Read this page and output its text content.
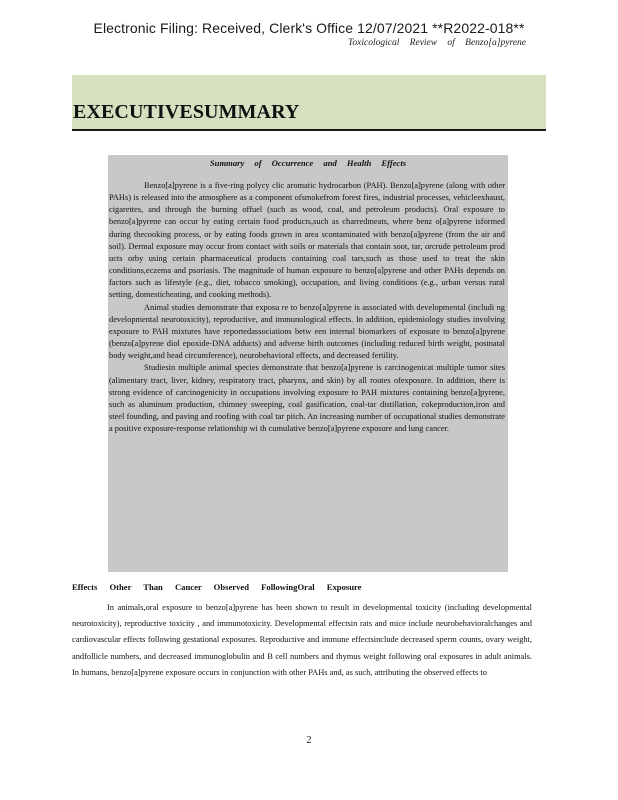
Electronic Filing: Received, Clerk's Office 12/07/2021 **R2022-018**
Toxicological Review of Benzo[a]pyrene
EXECUTIVESUMMARY
Summary of Occurrence and Health Effects

Benzo[a]pyrene is a five-ring polycy clic aromatic hydrocarbon (PAH). Benzo[a]pyrene (along with other PAHs) is released into the atmosphere as a component ofsmokefrom forest fires, industrial processes, vehicleexhaust, cigarettes, and through the burning offuel (such as wood, coal, and petroleum products). Oral exposure to benzo[a]pyrene can occur by eating certain food products,such as charredmeats, where benz o[a]pyrene isformed during thecooking process, or by eating foods grown in area scontaminated with benzo[a]pyrene (from the air and soil). Dermal exposure may occur from contact with soils or materials that contain soot, tar, orcrude petroleum prod ucts orby using certain pharmaceutical products containing coal tars,such as those used to treat the skin conditions,eczema and psoriasis. The magnitude of human exposure to benzo[a]pyrene and other PAHs depends on factors such as lifestyle (e.g., diet, tobacco smoking), occupation, and living conditions (e.g., urban versus rural setting, domesticheating, and cooking methods).

Animal studies demonstrate that exposu re to benzo[a]pyrene is associated with developmental (includi ng developmental neurotoxicity), reproductive, and immunological effects. In addition, epidemiology studies involving exposure to PAH mixtures have reportedassociations betw een internal biomarkers of exposure to benzo[a]pyrene (benzo[a]pyrene diol epoxide-DNA adducts) and adverse birth outcomes (including reduced birth weight, postnatal body weight,and head circumference), neurobehavioral effects, and decreased fertility.

Studiesin multiple animal species demonstrate that benzo[a]pyrene is carcinogenicat multiple tumor sites (alimentary tract, liver, kidney, respiratory tract, pharynx, and skin) by all routes ofexposure. In addition, there is strong evidence of carcinogenicity in occupations involving exposure to PAH mixtures containing benzo[a]pyrene, such as aluminum production, chimney sweeping, coal gasification, coal-tar distillation, cokeproduction,iron and steel founding, and paving and roofing with coal tar pitch. An increasing number of occupational studies demonstrate a positive exposure-response relationship wi th cumulative benzo[a]pyrene exposure and lung cancer.

Effects Other Than Cancer Observed FollowingOral Exposure

In animals,oral exposure to benzo[a]pyrene has been shown to result in developmental toxicity (including developmental neurotoxicity), reproductive toxicity , and immunotoxicity. Developmental effectsin rats and mice include neurobehavioralchanges and cardiovascular effects following gestational exposures. Reproductive and immune effectsinclude decreased sperm counts, ovary weight, andfollicle numbers, and decreased immunoglobulin and B cell numbers and thymus weight following oral exposures in adult animals. In humans, benzo[a]pyrene exposure occurs in conjunction with other PAHs and, as such, attributing the observed effects to

2
